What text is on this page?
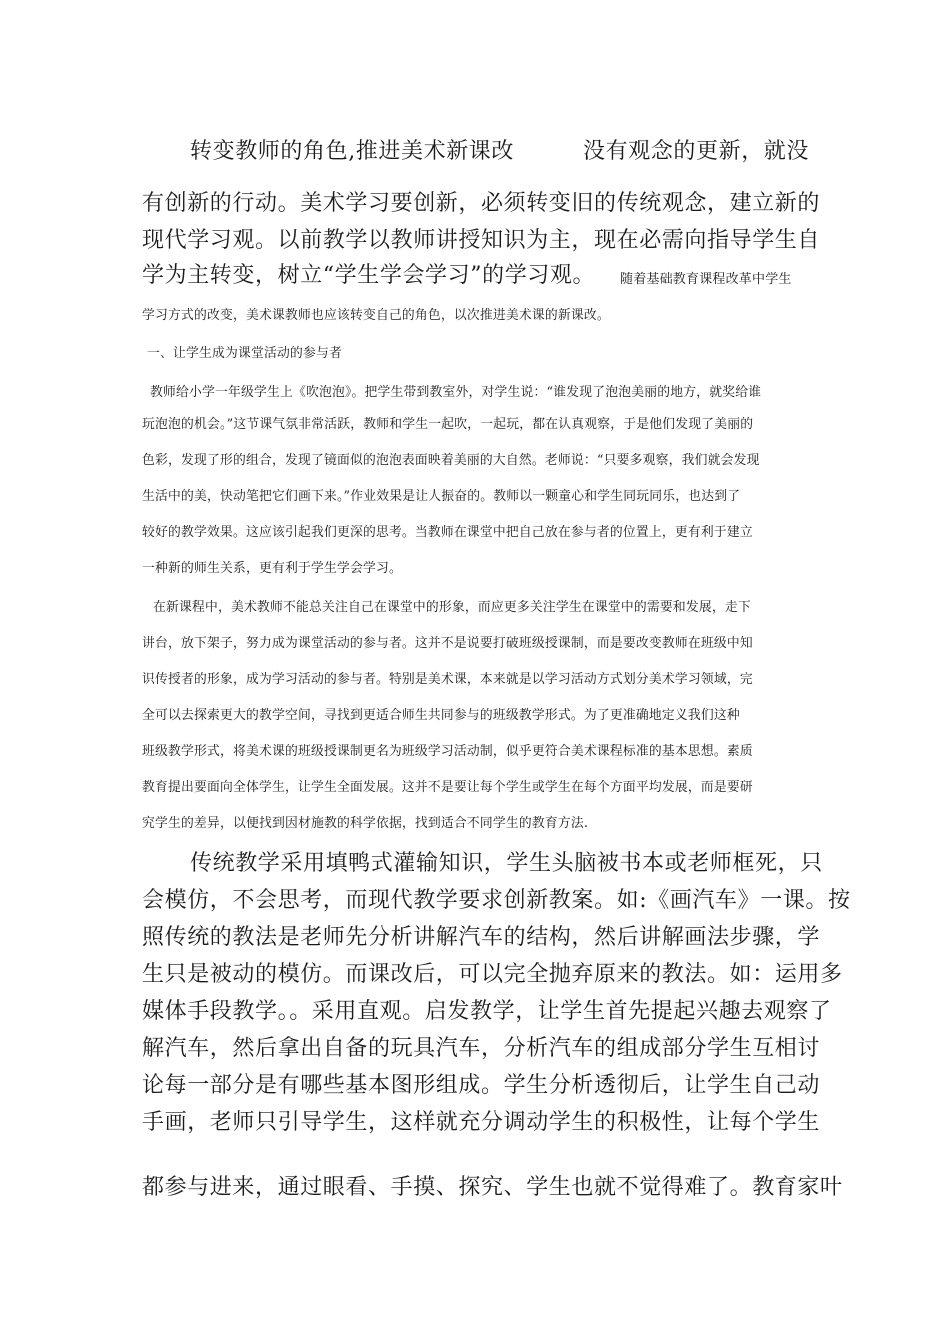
转变教师的角色,推进美术新课改	没有观念的更新，就没

有创新的行动。美术学习要创新，必须转变旧的传统观念，建立新的

现代学习观。以前教学以教师讲授知识为主，现在必需向指导学生自

学为主转变，树立“学生学会学习”的学习观。 随着基础教育课程改革中学生

学习方式的改变，美术课教师也应该转变自己的角色，以次推进美术课的新课改。

一、让学生成为课堂活动的参与者

教师给小学一年级学生上《吹泡泡》。把学生带到教室外，对学生说：“谁发现了泡泡美丽的地方，就奖给谁

玩泡泡的机会。”这节课气氛非常活跃，教师和学生一起吹，一起玩，都在认真观察，于是他们发现了美丽的

色彩，发现了形的组合，发现了镜面似的泡泡表面映着美丽的大自然。老师说：“只要多观察，我们就会发现

生活中的美，快动笔把它们画下来。”作业效果是让人振奋的。教师以一颗童心和学生同玩同乐，也达到了

较好的教学效果。这应该引起我们更深的思考。当教师在课堂中把自己放在参与者的位置上，更有利于建立

一种新的师生关系，更有利于学生学会学习。

在新课程中，美术教师不能总关注自己在课堂中的形象，而应更多关注学生在课堂中的需要和发展，走下

讲台，放下架子，努力成为课堂活动的参与者。这并不是说要打破班级授课制，而是要改变教师在班级中知

识传授者的形象，成为学习活动的参与者。特别是美术课，本来就是以学习活动方式划分美术学习领域，完

全可以去探索更大的教学空间，寻找到更适合师生共同参与的班级教学形式。为了更准确地定义我们这种

班级教学形式，将美术课的班级授课制更名为班级学习活动制，似乎更符合美术课程标准的基本思想。素质

教育提出要面向全体学生，让学生全面发展。这并不是要让每个学生或学生在每个方面平均发展，而是要研

究学生的差异，以便找到因材施教的科学依据，找到适合不同学生的教育方法.

传统教学采用填鸭式灌输知识，学生头脑被书本或老师框死，只

会模仿，不会思考，而现代教学要求创新教案。如:《画汽车》一课。按

照传统的教法是老师先分析讲解汽车的结构，然后讲解画法步骤，学

生只是被动的模仿。而课改后，可以完全抛弃原来的教法。如：运用多

媒体手段教学。。采用直观。启发教学，让学生首先提起兴趣去观察了

解汽车，然后拿出自备的玩具汽车，分析汽车的组成部分学生互相讨

论每一部分是有哪些基本图形组成。学生分析透彻后，让学生自己动

手画，老师只引导学生，这样就充分调动学生的积极性，让每个学生

都参与进来，通过眼看、手摸、探究、学生也就不觉得难了。教育家叶
